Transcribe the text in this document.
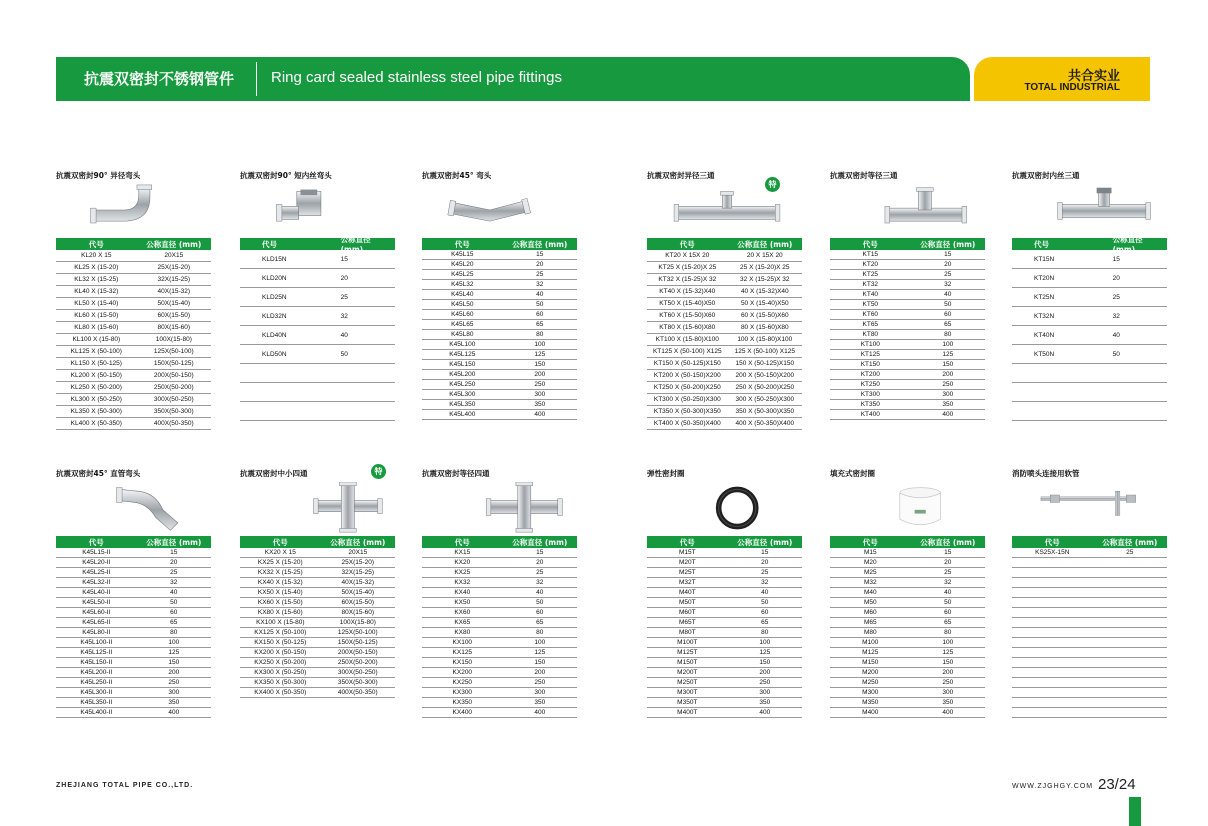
抗震双密封不锈钢管件 Ring card sealed stainless steel pipe fittings	共合实业
TOTAL INDUSTRIAL
抗震双密封90° 异径弯头
代号	公称直径 (mm)
KL20 X 15	20X15
KL25 X (15-20)	25X(15-20)
KL32 X (15-25)	32X(15-25)
KL40 X (15-32)	40X(15-32)
KL50 X (15-40)	50X(15-40)
KL60 X (15-50)	60X(15-50)
KL80 X (15-60)	80X(15-60)
KL100 X (15-80)	100X(15-80)
KL125 X (50-100)	125X(50-100)
KL150 X (50-125)	150X(50-125)
KL200 X (50-150)	200X(50-150)
KL250 X (50-200)	250X(50-200)
KL300 X (50-250)	300X(50-250)
KL350 X (50-300)	350X(50-300)
KL400 X (50-350)	400X(50-350)
抗震双密封90° 短内丝弯头
代号	公称直径 (mm)
KLD15N	15
KLD20N	20
KLD25N	25
KLD32N	32
KLD40N	40
KLD50N	50
抗震双密封45° 弯头
代号	公称直径 (mm)
K45L15	15
K45L20	20
K45L25	25
K45L32	32
K45L40	40
K45L50	50
K45L60	60
K45L65	65
K45L80	80
K45L100	100
K45L125	125
K45L150	150
K45L200	200
K45L250	250
K45L300	300
K45L350	350
K45L400	400
抗震双密封异径三通
特
代号	公称直径 (mm)
KT20 X 15X 20	20 X 15X 20
KT25 X (15-20)X 25	25 X (15-20)X 25
KT32 X (15-25)X 32	32 X (15-25)X 32
KT40 X (15-32)X40	40 X (15-32)X40
KT50 X (15-40)X50	50 X (15-40)X50
KT60 X (15-50)X60	60 X (15-50)X60
KT80 X (15-60)X80	80 X (15-60)X80
KT100 X (15-80)X100	100 X (15-80)X100
KT125 X (50-100) X125	125 X (50-100) X125
KT150 X (50-125)X150	150 X (50-125)X150
KT200 X (50-150)X200	200 X (50-150)X200
KT250 X (50-200)X250	250 X (50-200)X250
KT300 X (50-250)X300	300 X (50-250)X300
KT350 X (50-300)X350	350 X (50-300)X350
KT400 X (50-350)X400	400 X (50-350)X400
抗震双密封等径三通
代号	公称直径 (mm)
KT15	15
KT20	20
KT25	25
KT32	32
KT40	40
KT50	50
KT60	60
KT65	65
KT80	80
KT100	100
KT125	125
KT150	150
KT200	200
KT250	250
KT300	300
KT350	350
KT400	400
抗震双密封内丝三通
代号	公称直径 (mm)
KT15N	15
KT20N	20
KT25N	25
KT32N	32
KT40N	40
KT50N	50
抗震双密封45° 直管弯头
代号	公称直径 (mm)
K45L15-II	15
K45L20-II	20
K45L25-II	25
K45L32-II	32
K45L40-II	40
K45L50-II	50
K45L60-II	60
K45L65-II	65
K45L80-II	80
K45L100-II	100
K45L125-II	125
K45L150-II	150
K45L200-II	200
K45L250-II	250
K45L300-II	300
K45L350-II	350
K45L400-II	400
抗震双密封中小四通	特
代号	公称直径 (mm)
KX20 X 15	20X15
KX25 X (15-20)	25X(15-20)
KX32 X (15-25)	32X(15-25)
KX40 X (15-32)	40X(15-32)
KX50 X (15-40)	50X(15-40)
KX60 X (15-50)	60X(15-50)
KX80 X (15-60)	80X(15-60)
KX100 X (15-80)	100X(15-80)
KX125 X (50-100)	125X(50-100)
KX150 X (50-125)	150X(50-125)
KX200 X (50-150)	200X(50-150)
KX250 X (50-200)	250X(50-200)
KX300 X (50-250)	300X(50-250)
KX350 X (50-300)	350X(50-300)
KX400 X (50-350)	400X(50-350)
抗震双密封等径四通
代号	公称直径 (mm)
KX15	15
KX20	20
KX25	25
KX32	32
KX40	40
KX50	50
KX60	60
KX65	65
KX80	80
KX100	100
KX125	125
KX150	150
KX200	200
KX250	250
KX300	300
KX350	350
KX400	400
弹性密封圈
代号	公称直径 (mm)
M15T	15
M20T	20
M25T	25
M32T	32
M40T	40
M50T	50
M60T	60
M65T	65
M80T	80
M100T	100
M125T	125
M150T	150
M200T	200
M250T	250
M300T	300
M350T	350
M400T	400
填充式密封圈
代号	公称直径 (mm)
M15	15
M20	20
M25	25
M32	32
M40	40
M50	50
M60	60
M65	65
M80	80
M100	100
M125	125
M150	150
M200	200
M250	250
M300	300
M350	350
M400	400
消防喷头连接用软管
代号	公称直径 (mm)
KS25X-15N	25
ZHEJIANG TOTAL PIPE CO.,LTD.	WWW.ZJGHGY.COM 23/24
